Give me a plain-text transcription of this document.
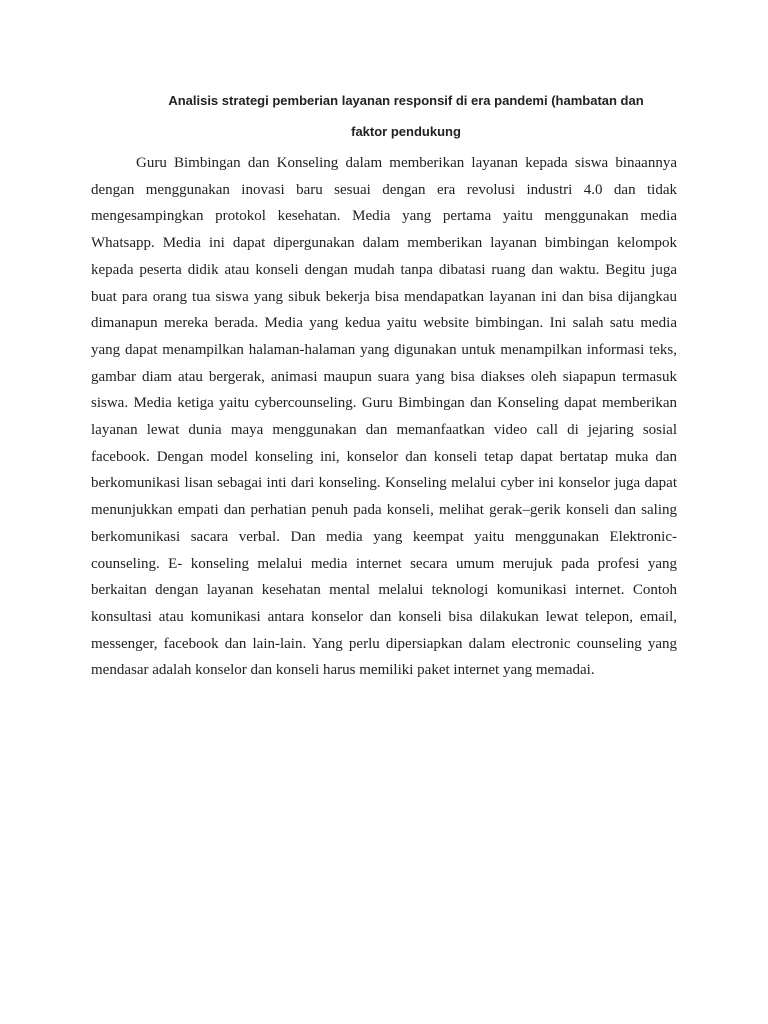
Analisis strategi pemberian layanan responsif di era pandemi (hambatan dan
faktor pendukung

Guru Bimbingan dan Konseling dalam memberikan layanan kepada siswa binaannya dengan menggunakan inovasi baru sesuai dengan era revolusi industri 4.0 dan tidak mengesampingkan protokol kesehatan. Media yang pertama yaitu menggunakan media Whatsapp. Media ini dapat dipergunakan dalam memberikan layanan bimbingan kelompok kepada peserta didik atau konseli dengan mudah tanpa dibatasi ruang dan waktu. Begitu juga buat para orang tua siswa yang sibuk bekerja bisa mendapatkan layanan ini dan bisa dijangkau dimanapun mereka berada. Media yang kedua yaitu website bimbingan. Ini salah satu media yang dapat menampilkan halaman-halaman yang digunakan untuk menampilkan informasi teks, gambar diam atau bergerak, animasi maupun suara yang bisa diakses oleh siapapun termasuk siswa. Media ketiga yaitu cybercounseling. Guru Bimbingan dan Konseling dapat memberikan layanan lewat dunia maya menggunakan dan memanfaatkan video call di jejaring sosial facebook. Dengan model konseling ini, konselor dan konseli tetap dapat bertatap muka dan berkomunikasi lisan sebagai inti dari konseling. Konseling melalui cyber ini konselor juga dapat menunjukkan empati dan perhatian penuh pada konseli, melihat gerak–gerik konseli dan saling berkomunikasi sacara verbal. Dan media yang keempat yaitu menggunakan Elektronic-counseling. E- konseling melalui media internet secara umum merujuk pada profesi yang berkaitan dengan layanan kesehatan mental melalui teknologi komunikasi internet. Contoh konsultasi atau komunikasi antara konselor dan konseli bisa dilakukan lewat telepon, email, messenger, facebook dan lain-lain. Yang perlu dipersiapkan dalam electronic counseling yang mendasar adalah konselor dan konseli harus memiliki paket internet yang memadai.
